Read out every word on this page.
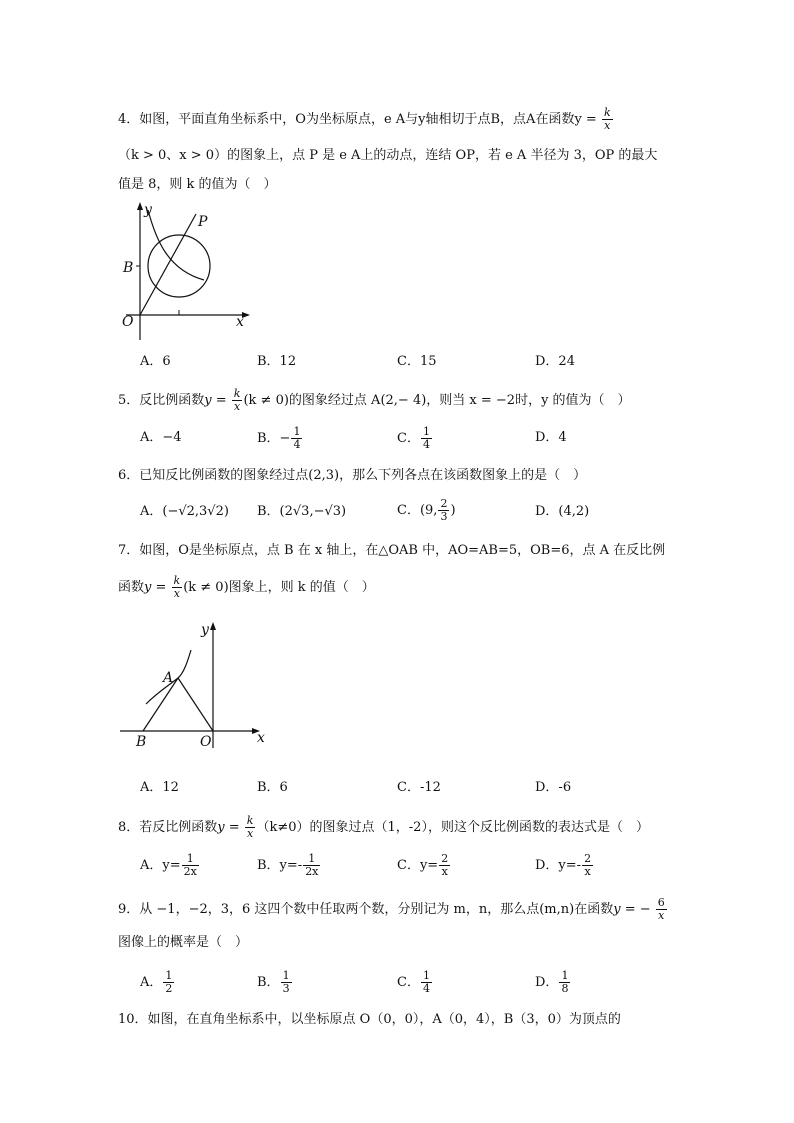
4．如图，平面直角坐标系中，O为坐标原点，e A与y轴相切于点B，点A在函数$y = \frac{k}{x}$
（k > 0、x > 0）的图象上，点 P 是 e A上的动点，连结 OP，若 e A 半径为 3，OP 的最大
值是 8，则 k 的值为（　）
y
P
B
O	x
A．6	B．12	C．15	D．24
5．反比例函数$y = \frac{k}{x} (k \ne 0)$的图象经过点 A(2,− 4)，则当 x = −2时，y 的值为（　）
A．−4	B．− $\frac{1}{4}$	C． $\frac{1}{4}$	D．4
6．已知反比例函数的图象经过点(2,3)，那么下列各点在该函数图象上的是（　）
A．(−√2,3√2) B．(2√3,−√3)	C．(9, $\frac{2}{3}$ )	D．(4,2)
7．如图，O是坐标原点，点 B 在 x 轴上，在△OAB 中，AO=AB=5，OB=6，点 A 在反比例
函数$y = \frac{k}{x} (k \ne 0)$图象上，则 k 的值（　）
y
A
B	O	x
A．12	B．6	C．-12	D．-6
8．若反比例函数$y = \frac{k}{x} (k\ne 0)$的图象过点（1，-2），则这个反比例函数的表达式是（　）
A．$y= \frac{1}{2x}$	B．$y=- \frac{1}{2x}$	C．$y= \frac{2}{x}$	D．$y=- \frac{2}{x}$
9．从 −1，−2，3，6 这四个数中任取两个数，分别记为 m，n，那么点(m,n)在函数y = − $\frac{6}{x}$
图像上的概率是（　）
A． $\frac{1}{2}$	B． $\frac{1}{3}$	C． $\frac{1}{4}$	D． $\frac{1}{8}$
10．如图，在直角坐标系中，以坐标原点 O（0，0），A（0，4），B（3，0）为顶点的
